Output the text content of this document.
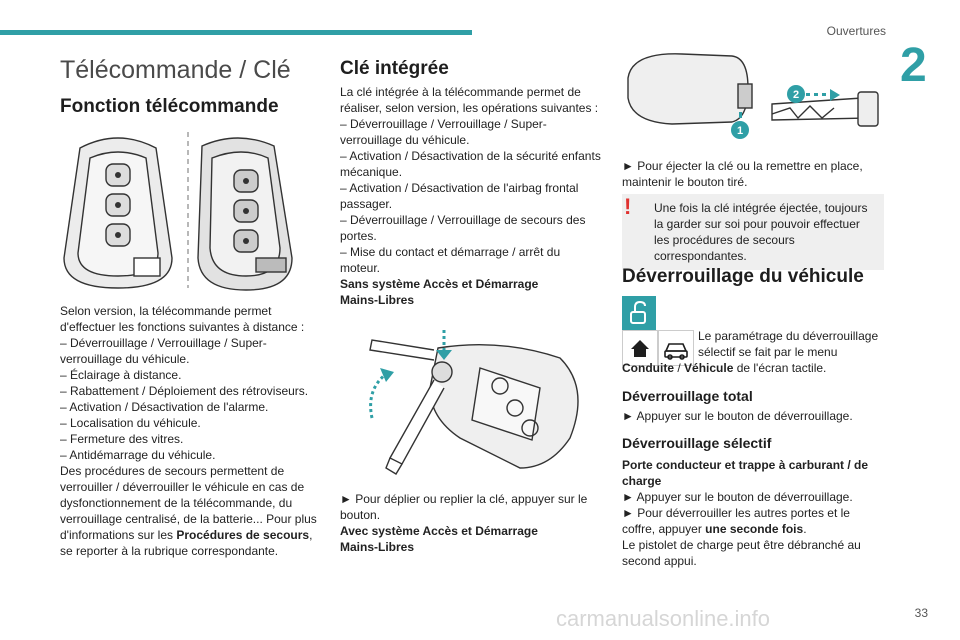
Ouvertures
2
33
Télécommande / Clé
Fonction télécommande
Selon version, la télécommande permet d'effectuer les fonctions suivantes à distance :
– Déverrouillage / Verrouillage / Super-verrouillage du véhicule.
– Éclairage à distance.
– Rabattement / Déploiement des rétroviseurs.
– Activation / Désactivation de l'alarme.
– Localisation du véhicule.
– Fermeture des vitres.
– Antidémarrage du véhicule.
Des procédures de secours permettent de verrouiller / déverrouiller le véhicule en cas de dysfonctionnement de la télécommande, du verrouillage centralisé, de la batterie... Pour plus d'informations sur les Procédures de secours, se reporter à la rubrique correspondante.
Clé intégrée
La clé intégrée à la télécommande permet de réaliser, selon version, les opérations suivantes :
– Déverrouillage / Verrouillage / Super-verrouillage du véhicule.
– Activation / Désactivation de la sécurité enfants mécanique.
– Activation / Désactivation de l'airbag frontal passager.
– Déverrouillage / Verrouillage de secours des portes.
– Mise du contact et démarrage / arrêt du moteur.
Sans système Accès et Démarrage Mains-Libres
► Pour déplier ou replier la clé, appuyer sur le bouton.
Avec système Accès et Démarrage Mains-Libres
2
1
► Pour éjecter la clé ou la remettre en place, maintenir le bouton tiré.
!	Une fois la clé intégrée éjectée, toujours la garder sur soi pour pouvoir effectuer les procédures de secours correspondantes.
Déverrouillage du véhicule
Le paramétrage du déverrouillage sélectif se fait par le menu
Conduite / Véhicule de l'écran tactile.
Déverrouillage total
► Appuyer sur le bouton de déverrouillage.
Déverrouillage sélectif
Porte conducteur et trappe à carburant / de charge
► Appuyer sur le bouton de déverrouillage.
► Pour déverrouiller les autres portes et le coffre, appuyer une seconde fois.
Le pistolet de charge peut être débranché au second appui.
carmanualsonline.info
